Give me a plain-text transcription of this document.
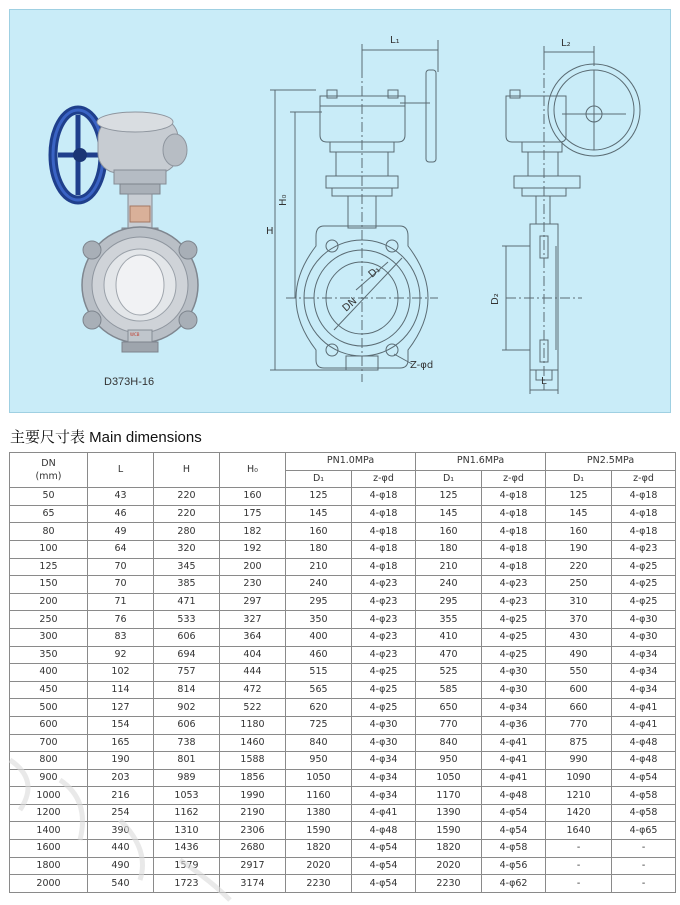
WCB
L₁
H
H₀
D₁
DN
Z-φd
L₂
D₂
L
D373H-16
主要尺寸表 Main dimensions
DN
(mm)	L	H	H₀	PN1.0MPa		PN1.6MPa		PN2.5MPa	
				D₁	z-φd	D₁	z-φd	D₁	z-φd
50	43	220	160	125	4-φ18	125	4-φ18	125	4-φ18
65	46	220	175	145	4-φ18	145	4-φ18	145	4-φ18
80	49	280	182	160	4-φ18	160	4-φ18	160	4-φ18
100	64	320	192	180	4-φ18	180	4-φ18	190	4-φ23
125	70	345	200	210	4-φ18	210	4-φ18	220	4-φ25
150	70	385	230	240	4-φ23	240	4-φ23	250	4-φ25
200	71	471	297	295	4-φ23	295	4-φ23	310	4-φ25
250	76	533	327	350	4-φ23	355	4-φ25	370	4-φ30
300	83	606	364	400	4-φ23	410	4-φ25	430	4-φ30
350	92	694	404	460	4-φ23	470	4-φ25	490	4-φ34
400	102	757	444	515	4-φ25	525	4-φ30	550	4-φ34
450	114	814	472	565	4-φ25	585	4-φ30	600	4-φ34
500	127	902	522	620	4-φ25	650	4-φ34	660	4-φ41
600	154	606	1180	725	4-φ30	770	4-φ36	770	4-φ41
700	165	738	1460	840	4-φ30	840	4-φ41	875	4-φ48
800	190	801	1588	950	4-φ34	950	4-φ41	990	4-φ48
900	203	989	1856	1050	4-φ34	1050	4-φ41	1090	4-φ54
1000	216	1053	1990	1160	4-φ34	1170	4-φ48	1210	4-φ58
1200	254	1162	2190	1380	4-φ41	1390	4-φ54	1420	4-φ58
1400	390	1310	2306	1590	4-φ48	1590	4-φ54	1640	4-φ65
1600	440	1436	2680	1820	4-φ54	1820	4-φ58	-	-
1800	490	1579	2917	2020	4-φ54	2020	4-φ56	-	-
2000	540	1723	3174	2230	4-φ54	2230	4-φ62	-	-
